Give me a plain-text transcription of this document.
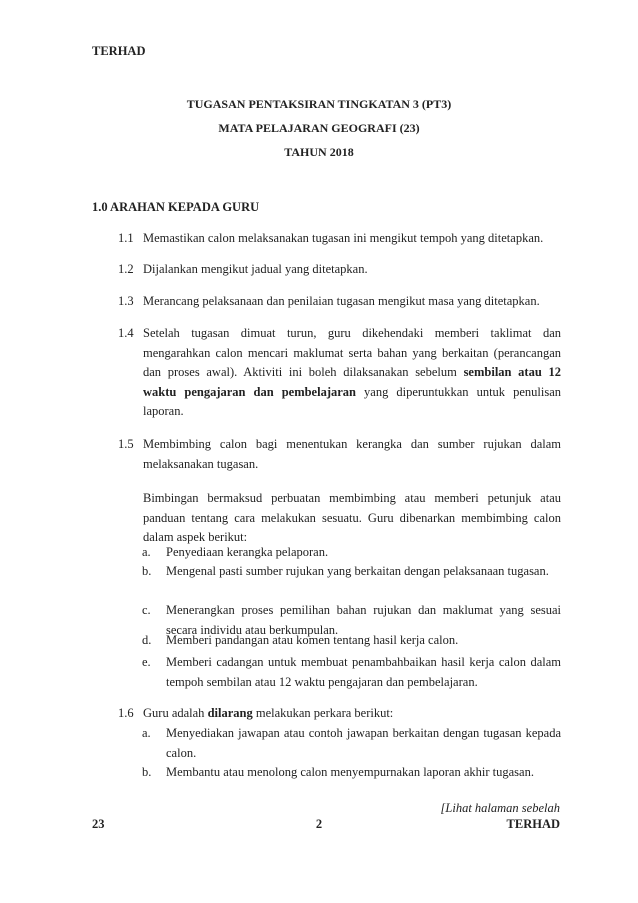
TERHAD
TUGASAN PENTAKSIRAN TINGKATAN 3 (PT3)
MATA PELAJARAN GEOGRAFI (23)
TAHUN 2018
1.0 ARAHAN KEPADA GURU
1.1 Memastikan calon melaksanakan tugasan ini mengikut tempoh yang ditetapkan.
1.2 Dijalankan mengikut jadual yang ditetapkan.
1.3 Merancang pelaksanaan dan penilaian tugasan mengikut masa yang ditetapkan.
1.4 Setelah tugasan dimuat turun, guru dikehendaki memberi taklimat dan mengarahkan calon mencari maklumat serta bahan yang berkaitan (perancangan dan proses awal). Aktiviti ini boleh dilaksanakan sebelum sembilan atau 12 waktu pengajaran dan pembelajaran yang diperuntukkan untuk penulisan laporan.
1.5 Membimbing calon bagi menentukan kerangka dan sumber rujukan dalam melaksanakan tugasan.
Bimbingan bermaksud perbuatan membimbing atau memberi petunjuk atau panduan tentang cara melakukan sesuatu. Guru dibenarkan membimbing calon dalam aspek berikut:
a. Penyediaan kerangka pelaporan.
b. Mengenal pasti sumber rujukan yang berkaitan dengan pelaksanaan tugasan.
c. Menerangkan proses pemilihan bahan rujukan dan maklumat yang sesuai secara individu atau berkumpulan.
d. Memberi pandangan atau komen tentang hasil kerja calon.
e. Memberi cadangan untuk membuat penambahbaikan hasil kerja calon dalam tempoh sembilan atau 12 waktu pengajaran dan pembelajaran.
1.6 Guru adalah dilarang melakukan perkara berikut:
a. Menyediakan jawapan atau contoh jawapan berkaitan dengan tugasan kepada calon.
b. Membantu atau menolong calon menyempurnakan laporan akhir tugasan.
[Lihat halaman sebelah
23	2	TERHAD
